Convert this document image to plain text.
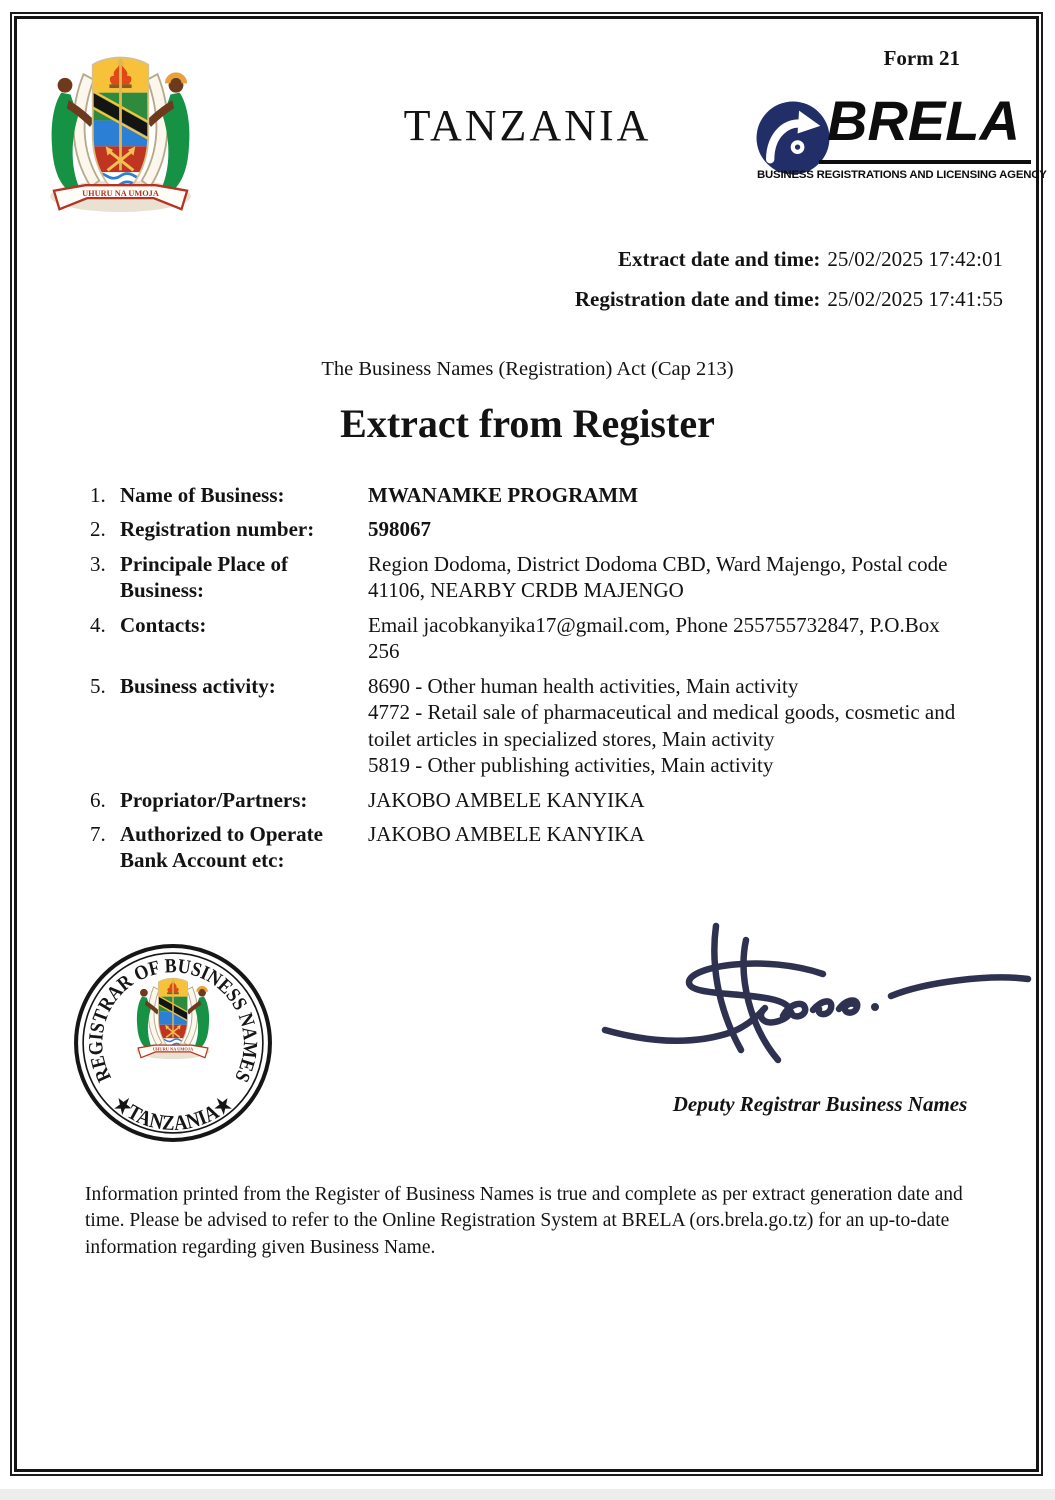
TANZANIA
Form 21
BRELA
BUSINESS REGISTRATIONS AND LICENSING AGENCY
Extract date and time: 25/02/2025 17:42:01
Registration date and time: 25/02/2025 17:41:55
The Business Names (Registration) Act (Cap 213)
Extract from Register
1. Name of Business:	MWANAMKE PROGRAMM
2. Registration number:	598067
3. Principale Place of Business:
Region Dodoma, District Dodoma CBD, Ward Majengo, Postal code
41106, NEARBY CRDB MAJENGO
4. Contacts:	Email jacobkanyika17@gmail.com, Phone 255755732847, P.O.Box
256
5. Business activity:	8690 - Other human health activities, Main activity
4772 - Retail sale of pharmaceutical and medical goods, cosmetic and
toilet articles in specialized stores, Main activity
5819 - Other publishing activities, Main activity
6. Propriator/Partners:	JAKOBO AMBELE KANYIKA
7. Authorized to Operate Bank Account etc:
JAKOBO AMBELE KANYIKA
REGISTRAR OF BUSINESS NAMES
★TANZANIA★	Deputy Registrar Business Names
Information printed from the Register of Business Names is true and complete as per extract generation date and
time. Please be advised to refer to the Online Registration System at BRELA (ors.brela.go.tz) for an up-to-date
information regarding given Business Name.
